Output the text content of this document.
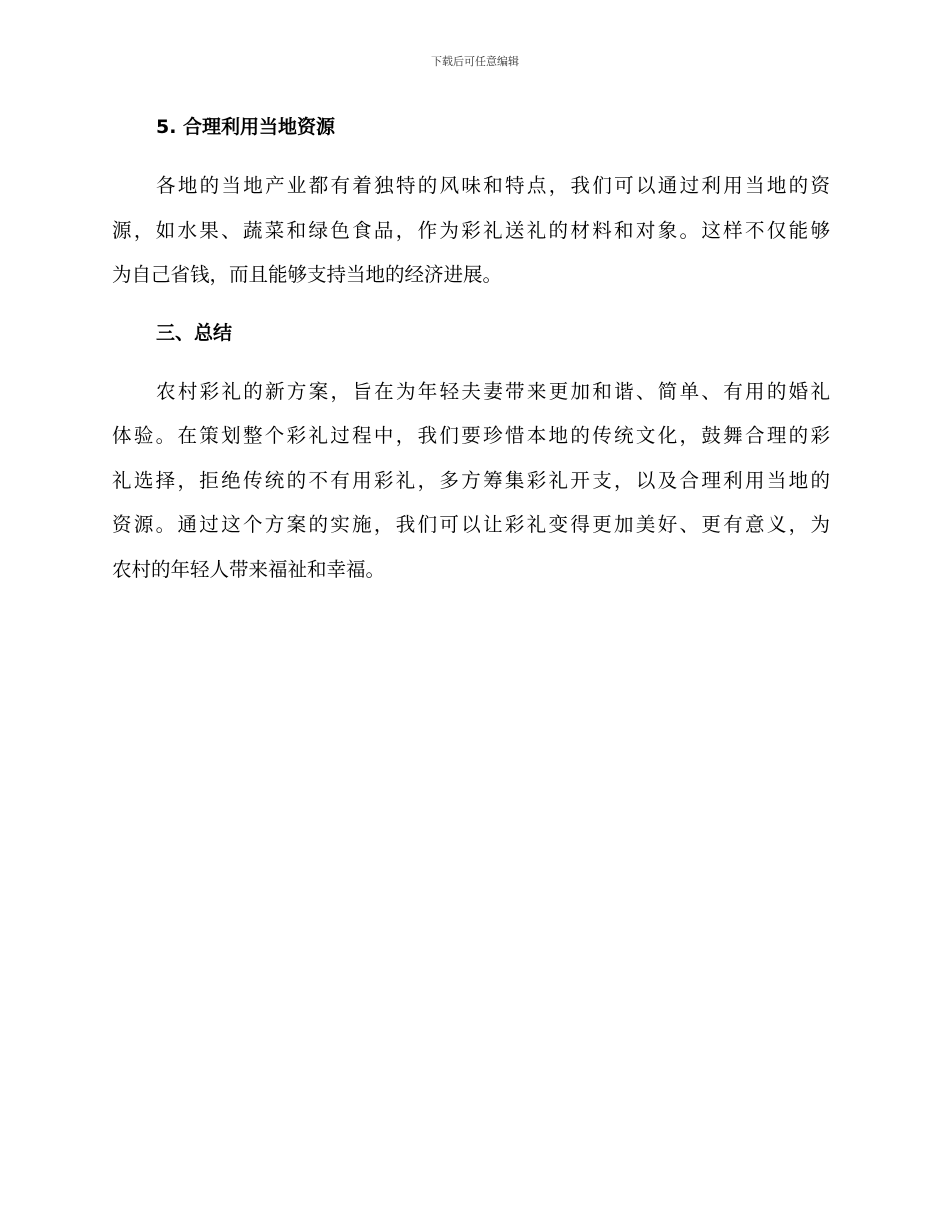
下载后可任意编辑
5. 合理利用当地资源

各地的当地产业都有着独特的风味和特点，我们可以通过利用当地的资
源，如水果、蔬菜和绿色食品，作为彩礼送礼的材料和对象。这样不仅能够
为自己省钱，而且能够支持当地的经济进展。

三、总结

农村彩礼的新方案，旨在为年轻夫妻带来更加和谐、简单、有用的婚礼
体验。在策划整个彩礼过程中，我们要珍惜本地的传统文化，鼓舞合理的彩
礼选择，拒绝传统的不有用彩礼，多方筹集彩礼开支，以及合理利用当地的
资源。通过这个方案的实施，我们可以让彩礼变得更加美好、更有意义，为
农村的年轻人带来福祉和幸福。
